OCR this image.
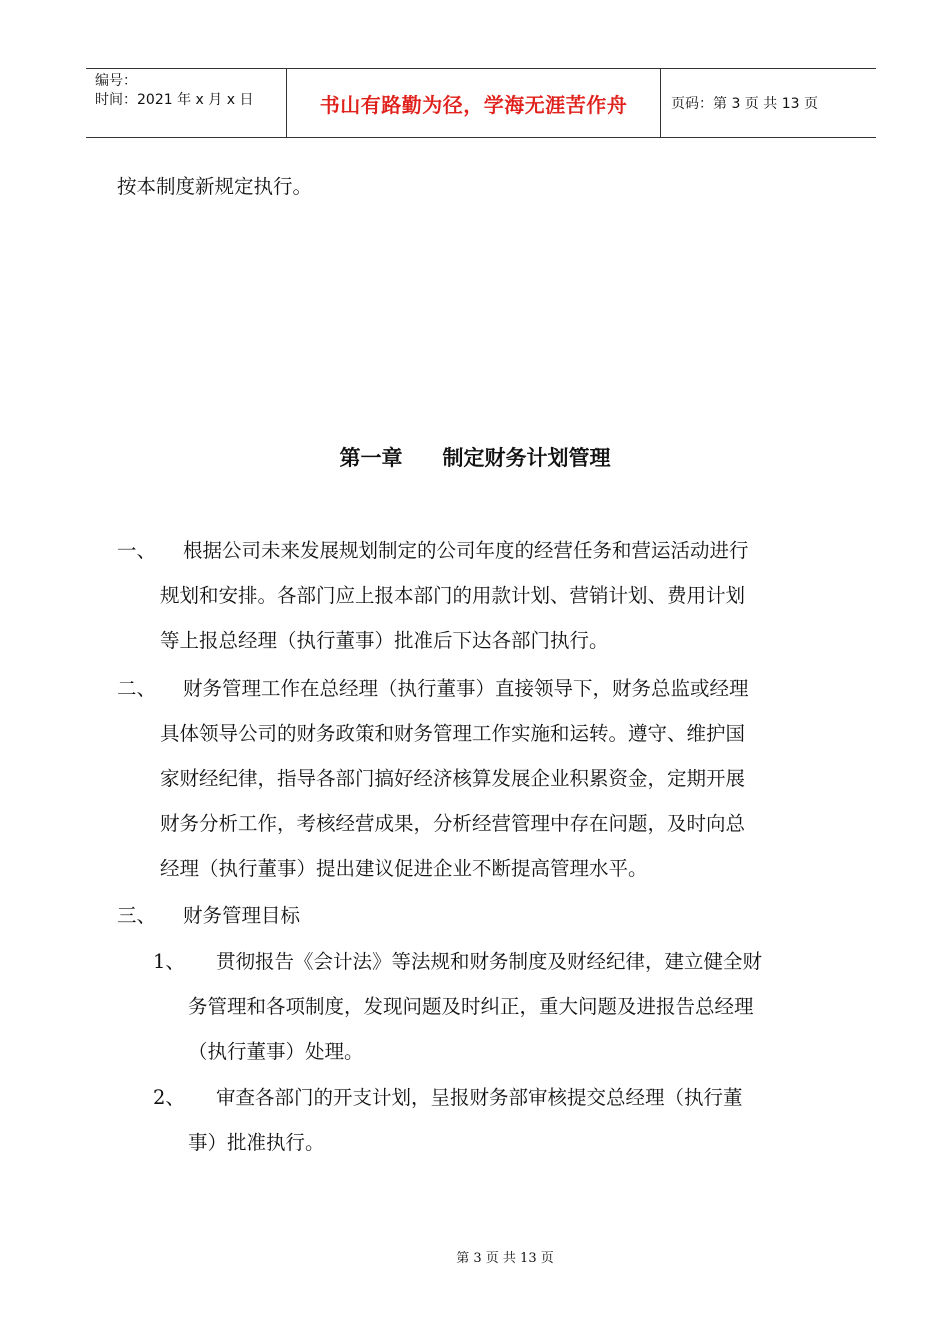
编号：
时间：2021 年 x 月 x 日	书山有路勤为径，学海无涯苦作舟	页码：第 3 页 共 13 页
按本制度新规定执行。
第一章 制定财务计划管理
一、	根据公司未来发展规划制定的公司年度的经营任务和营运活动进行
规划和安排。各部门应上报本部门的用款计划、营销计划、费用计划
等上报总经理（执行董事）批准后下达各部门执行。
二、	财务管理工作在总经理（执行董事）直接领导下，财务总监或经理
具体领导公司的财务政策和财务管理工作实施和运转。遵守、维护国
家财经纪律，指导各部门搞好经济核算发展企业积累资金，定期开展
财务分析工作，考核经营成果，分析经营管理中存在问题，及时向总
经理（执行董事）提出建议促进企业不断提高管理水平。
三、	财务管理目标
1、	贯彻报告《会计法》等法规和财务制度及财经纪律，建立健全财
务管理和各项制度，发现问题及时纠正，重大问题及进报告总经理
（执行董事）处理。
2、	审查各部门的开支计划，呈报财务部审核提交总经理（执行董
事）批准执行。
第 3 页 共 13 页
